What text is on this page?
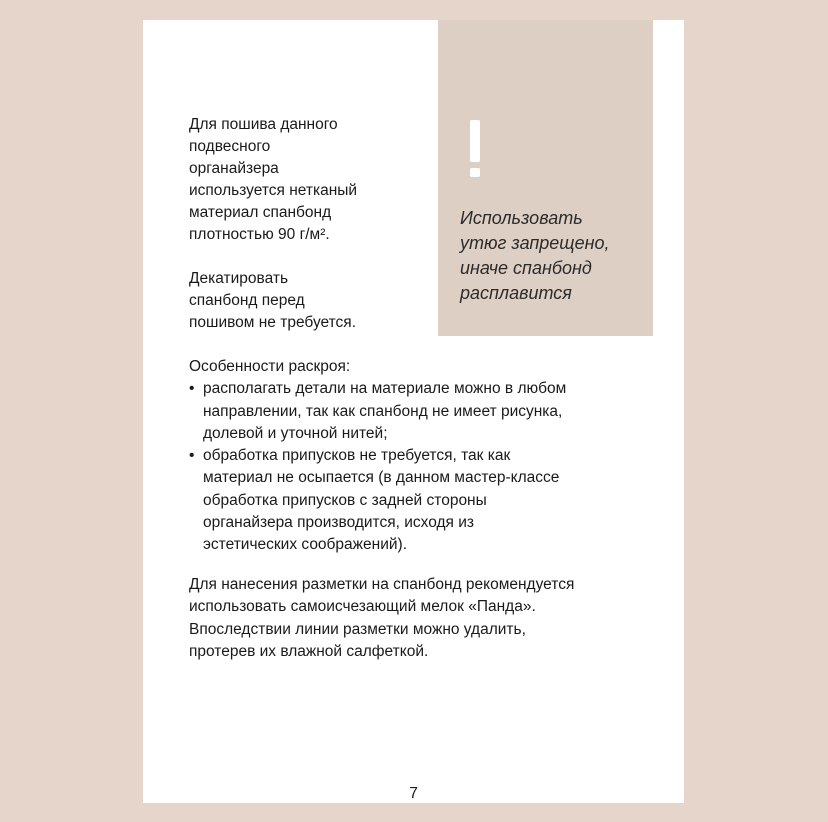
Использовать
утюг запрещено,
иначе спанбонд
расплавится
Для пошива данного
подвесного
органайзера
используется нетканый
материал спанбонд
плотностью 90 г/м².
Декатировать
спанбонд перед
пошивом не требуется.
Особенности раскроя:
• располагать детали на материале можно в любом
направлении, так как спанбонд не имеет рисунка,
долевой и уточной нитей;
• обработка припусков не требуется, так как
материал не осыпается (в данном мастер-классе
обработка припусков с задней стороны
органайзера производится, исходя из
эстетических соображений).
Для нанесения разметки на спанбонд рекомендуется
использовать самоисчезающий мелок «Панда».
Впоследствии линии разметки можно удалить,
протерев их влажной салфеткой.
7
